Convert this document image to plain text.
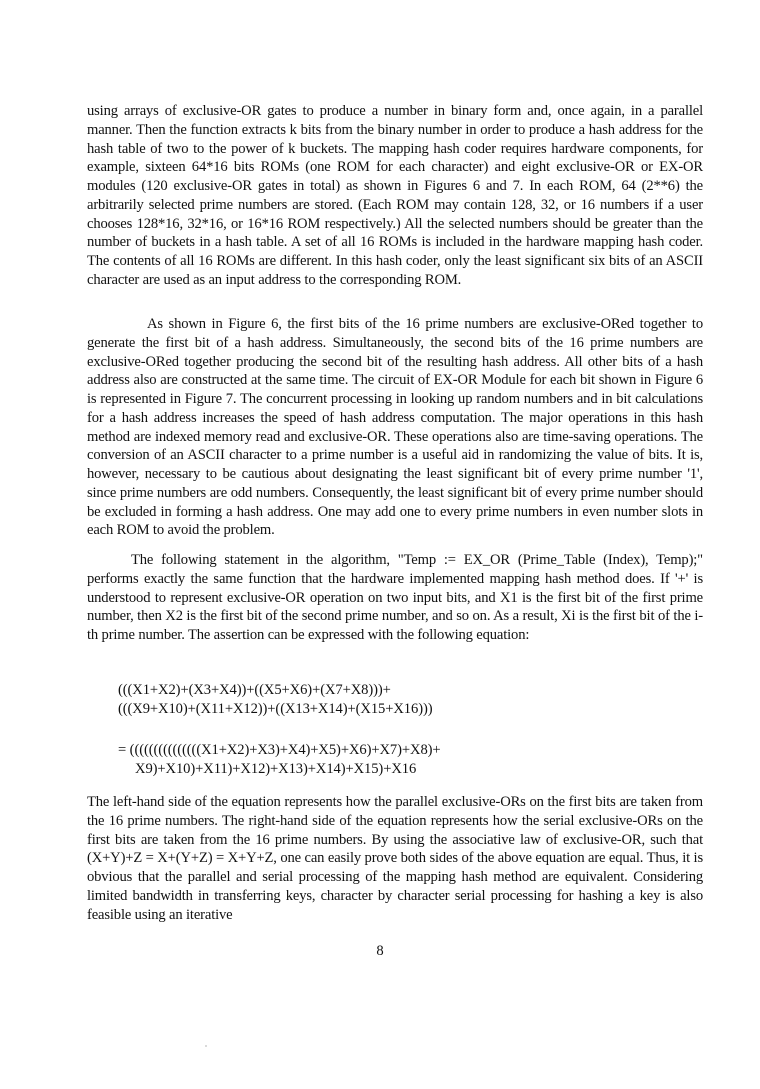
using arrays of exclusive-OR gates to produce a number in binary form and, once again, in a parallel manner. Then the function extracts k bits from the binary number in order to produce a hash address for the hash table of two to the power of k buckets. The mapping hash coder requires hardware components, for example, sixteen 64*16 bits ROMs (one ROM for each character) and eight exclusive-OR or EX-OR modules (120 exclusive-OR gates in total) as shown in Figures 6 and 7. In each ROM, 64 (2**6) the arbitrarily selected prime numbers are stored. (Each ROM may contain 128, 32, or 16 numbers if a user chooses 128*16, 32*16, or 16*16 ROM respectively.) All the selected numbers should be greater than the number of buckets in a hash table. A set of all 16 ROMs is included in the hardware mapping hash coder. The contents of all 16 ROMs are different. In this hash coder, only the least significant six bits of an ASCII character are used as an input address to the corresponding ROM.

As shown in Figure 6, the first bits of the 16 prime numbers are exclusive-ORed together to generate the first bit of a hash address. Simultaneously, the second bits of the 16 prime numbers are exclusive-ORed together producing the second bit of the resulting hash address. All other bits of a hash address also are constructed at the same time. The circuit of EX-OR Module for each bit shown in Figure 6 is represented in Figure 7. The concurrent processing in looking up random numbers and in bit calculations for a hash address increases the speed of hash address computation. The major operations in this hash method are indexed memory read and exclusive-OR. These operations also are time-saving operations. The conversion of an ASCII character to a prime number is a useful aid in randomizing the value of bits. It is, however, necessary to be cautious about designating the least significant bit of every prime number '1', since prime numbers are odd numbers. Consequently, the least significant bit of every prime number should be excluded in forming a hash address. One may add one to every prime numbers in even number slots in each ROM to avoid the problem.

The following statement in the algorithm, "Temp := EX_OR (Prime_Table (Index), Temp);" performs exactly the same function that the hardware implemented mapping hash method does. If '+' is understood to represent exclusive-OR operation on two input bits, and X1 is the first bit of the first prime number, then X2 is the first bit of the second prime number, and so on. As a result, Xi is the first bit of the i-th prime number. The assertion can be expressed with the following equation:

(((X1+X2)+(X3+X4))+((X5+X6)+(X7+X8)))+
(((X9+X10)+(X11+X12))+((X13+X14)+(X15+X16)))
= (((((((((((((((X1+X2)+X3)+X4)+X5)+X6)+X7)+X8)+
X9)+X10)+X11)+X12)+X13)+X14)+X15)+X16

The left-hand side of the equation represents how the parallel exclusive-ORs on the first bits are taken from the 16 prime numbers. The right-hand side of the equation represents how the serial exclusive-ORs on the first bits are taken from the 16 prime numbers. By using the associative law of exclusive-OR, such that (X+Y)+Z = X+(Y+Z) = X+Y+Z, one can easily prove both sides of the above equation are equal. Thus, it is obvious that the parallel and serial processing of the mapping hash method are equivalent. Considering limited bandwidth in transferring keys, character by character serial processing for hashing a key is also feasible using an iterative

8
